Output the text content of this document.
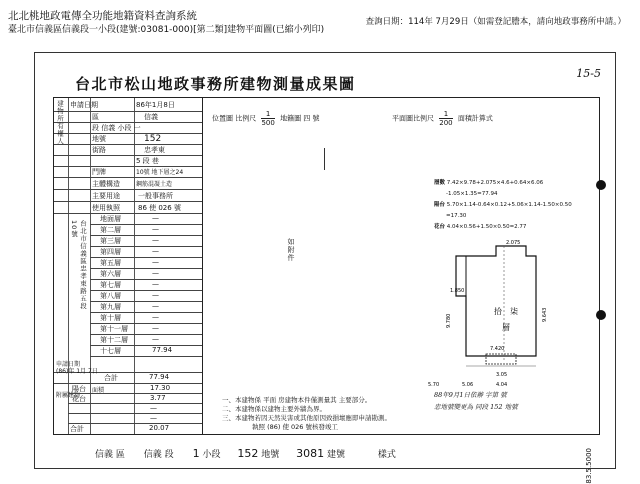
北北桃地政電傳全功能地籍資料查詢系統
臺北市信義區信義段一小段(建號:03081-000)[第二類]建物平面圖(已縮小列印)
查詢日期：114年 7月29日（如需登記謄本，請向地政事務所申請。）
台北市松山地政事務所建物測量成果圖
15-5
申請日期	86年1月8日
區	信義
段 信義 小段 一
地號	152
街路	忠孝東
5 段 巷
門牌	10號 地下層之24
主體構造	鋼筋混凝土造
主要用途	一般事務所
使用執照	86 使 026 號
建物所有權人
台北市信義區忠孝東路五段10號
地面層	—
第二層	—
第三層	—
第四層	—
第五層	—
第六層	—
第七層	—
第八層	—
第九層	—
第十層	—
第十一層	—
第十二層	—
十七層	77.94
申請日期
(86)年 1月 7日
合計	77.94
附屬建物
面積
陽台	17.30
花台	3.77
—
—
合計	20.07
位置圖 比例尺 $\frac{1}{500}$ 地籍圖 四 號	平面圖比例尺 $\frac{1}{200}$ 面積計算式
層數 7.42×9.78+2.075×4.6+0.64×6.06
-1.05×1.35=77.94
陽台 5.70×1.14-0.64×0.12+5.06×1.14-1.50×0.50
=17.30
花台 4.04×0.56+1.50×0.50=2.77
如附件
拾 柒
層
2.075
1.850
9.780	9.643
7.420
3.05
5.70	5.06	4.04
一、本建物係 平面 房建物本件僅測量其 主要部分。
二、本建物係以建物主要外牆為界。
三、本建物若因天然災害或其他原因致損壞應即申請勘測。
執照 (86) 使 026 號核發竣工
88年9月1日依辦 字第 號
忠地號變更為 同段 152 地號
83.5.5000
信義 區 信義 段 1 小段 152 地號 3081 建號	樣式
